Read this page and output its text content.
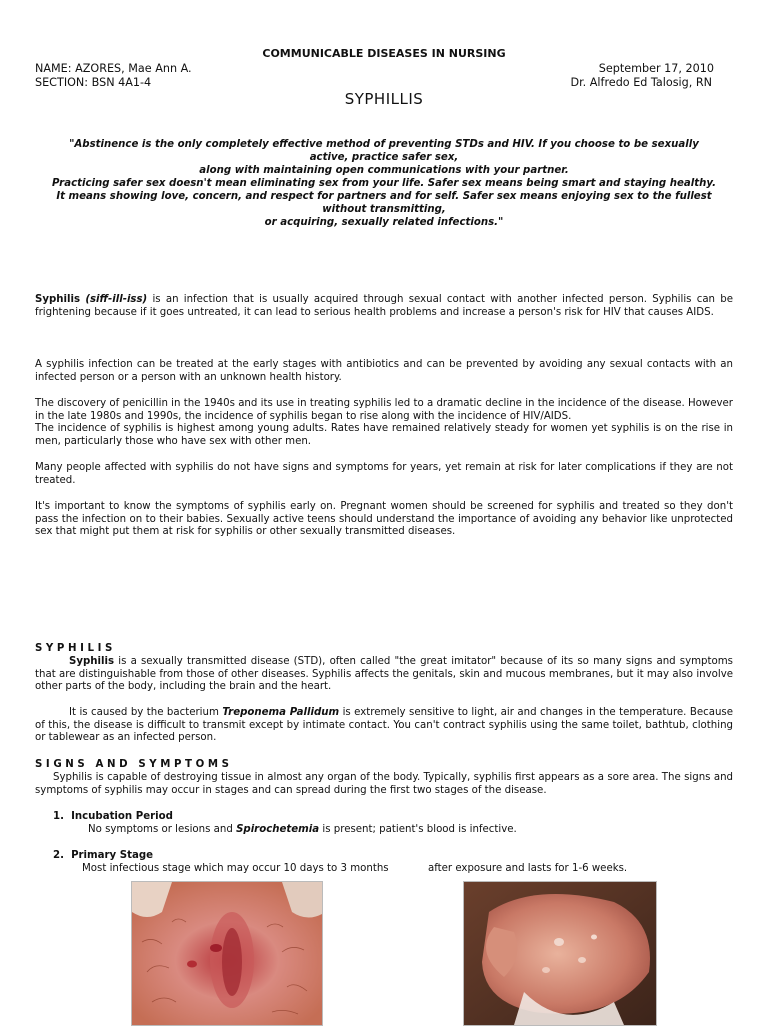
COMMUNICABLE DISEASES IN NURSING
NAME: AZORES, Mae Ann A.
SECTION: BSN 4A1-4
September 17, 2010
Dr. Alfredo Ed Talosig, RN
SYPHILLIS
"Abstinence is the only completely effective method of preventing STDs and HIV. If you choose to be sexually
active, practice safer sex,
along with maintaining open communications with your partner.
Practicing safer sex doesn't mean eliminating sex from your life. Safer sex means being smart and staying healthy.
It means showing love, concern, and respect for partners and for self. Safer sex means enjoying sex to the fullest
without transmitting,
or acquiring, sexually related infections."

Syphilis (siff-ill-iss) is an infection that is usually acquired through sexual contact with another infected person. Syphilis can be frightening because if it goes untreated, it can lead to serious health problems and increase a person's risk for HIV that causes AIDS.

A syphilis infection can be treated at the early stages with antibiotics and can be prevented by avoiding any sexual contacts with an infected person or a person with an unknown health history.

The discovery of penicillin in the 1940s and its use in treating syphilis led to a dramatic decline in the incidence of the disease. However in the late 1980s and 1990s, the incidence of syphilis began to rise along with the incidence of HIV/AIDS.

The incidence of syphilis is highest among young adults. Rates have remained relatively steady for women yet syphilis is on the rise in men, particularly those who have sex with other men.

Many people affected with syphilis do not have signs and symptoms for years, yet remain at risk for later complications if they are not treated.

It's important to know the symptoms of syphilis early on. Pregnant women should be screened for syphilis and treated so they don't pass the infection on to their babies. Sexually active teens should understand the importance of avoiding any behavior like unprotected sex that might put them at risk for syphilis or other sexually transmitted diseases.

SYPHILIS

Syphilis is a sexually transmitted disease (STD), often called "the great imitator" because of its so many signs and symptoms that are distinguishable from those of other diseases. Syphilis affects the genitals, skin and mucous membranes, but it may also involve other parts of the body, including the brain and the heart.

It is caused by the bacterium Treponema Pallidum is extremely sensitive to light, air and changes in the temperature. Because of this, the disease is difficult to transmit except by intimate contact. You can't contract syphilis using the same toilet, bathtub, clothing or tablewear as an infected person.

SIGNS AND SYMPTOMS

Syphilis is capable of destroying tissue in almost any organ of the body. Typically, syphilis first appears as a sore area. The signs and symptoms of syphilis may occur in stages and can spread during the first two stages of the disease.

1. Incubation Period
No symptoms or lesions and Spirochetemia is present; patient's blood is infective.
2. Primary Stage
Most infectious stage which may occur 10 days to 3 months	after exposure and lasts for 1-6 weeks.
